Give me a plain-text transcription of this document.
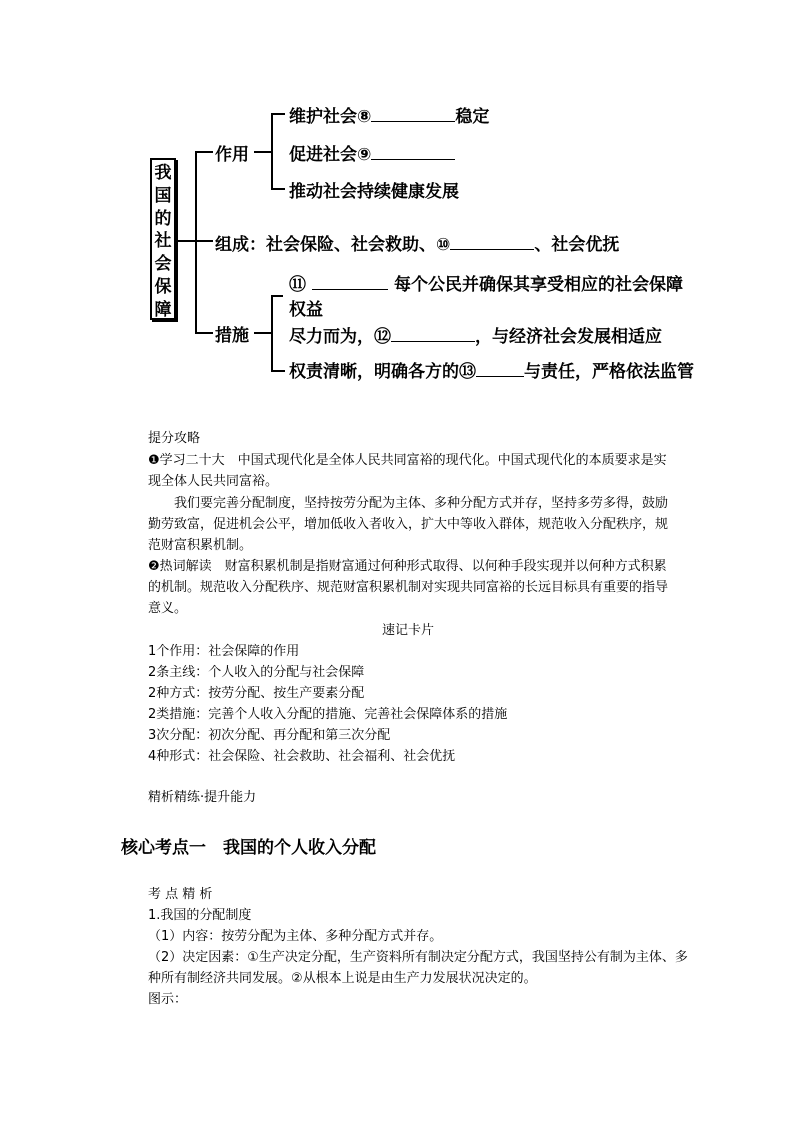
我
国
的
社
会
保
障
作用
维护社会⑧	稳定
促进社会⑨
推动社会持续健康发展
组成：社会保险、社会救助、⑩	、社会优抚
措施
⑪	每个公民并确保其享受相应的社会保障
权益
尽力而为，⑫	，与经济社会发展相适应
权责清晰，明确各方的⑬	与责任，严格依法监管
提分攻略
❶学习二十大　 中国式现代化是全体人民共同富裕的现代化。中国式现代化的本质要求是实现全体人民共同富裕。
我们要完善分配制度，坚持按劳分配为主体、多种分配方式并存，坚持多劳多得，鼓励勤劳致富，促进机会公平，增加低收入者收入，扩大中等收入群体，规范收入分配秩序，规范财富积累机制。
❷热词解读　 财富积累机制是指财富通过何种形式取得、以何种手段实现并以何种方式积累的机制。规范收入分配秩序、规范财富积累机制对实现共同富裕的长远目标具有重要的指导意义。
速记卡片
1个作用：社会保障的作用
2条主线：个人收入的分配与社会保障
2种方式：按劳分配、按生产要素分配
2类措施：完善个人收入分配的措施、完善社会保障体系的措施
3次分配：初次分配、再分配和第三次分配
4种形式：社会保险、社会救助、社会福利、社会优抚
精析精练·提升能力
核心考点一　我国的个人收入分配
考 点 精 析
1.我国的分配制度
（1）内容：按劳分配为主体、多种分配方式并存。
（2）决定因素：①生产决定分配，生产资料所有制决定分配方式，我国坚持公有制为主体、多种所有制经济共同发展。②从根本上说是由生产力发展状况决定的。
图示：
